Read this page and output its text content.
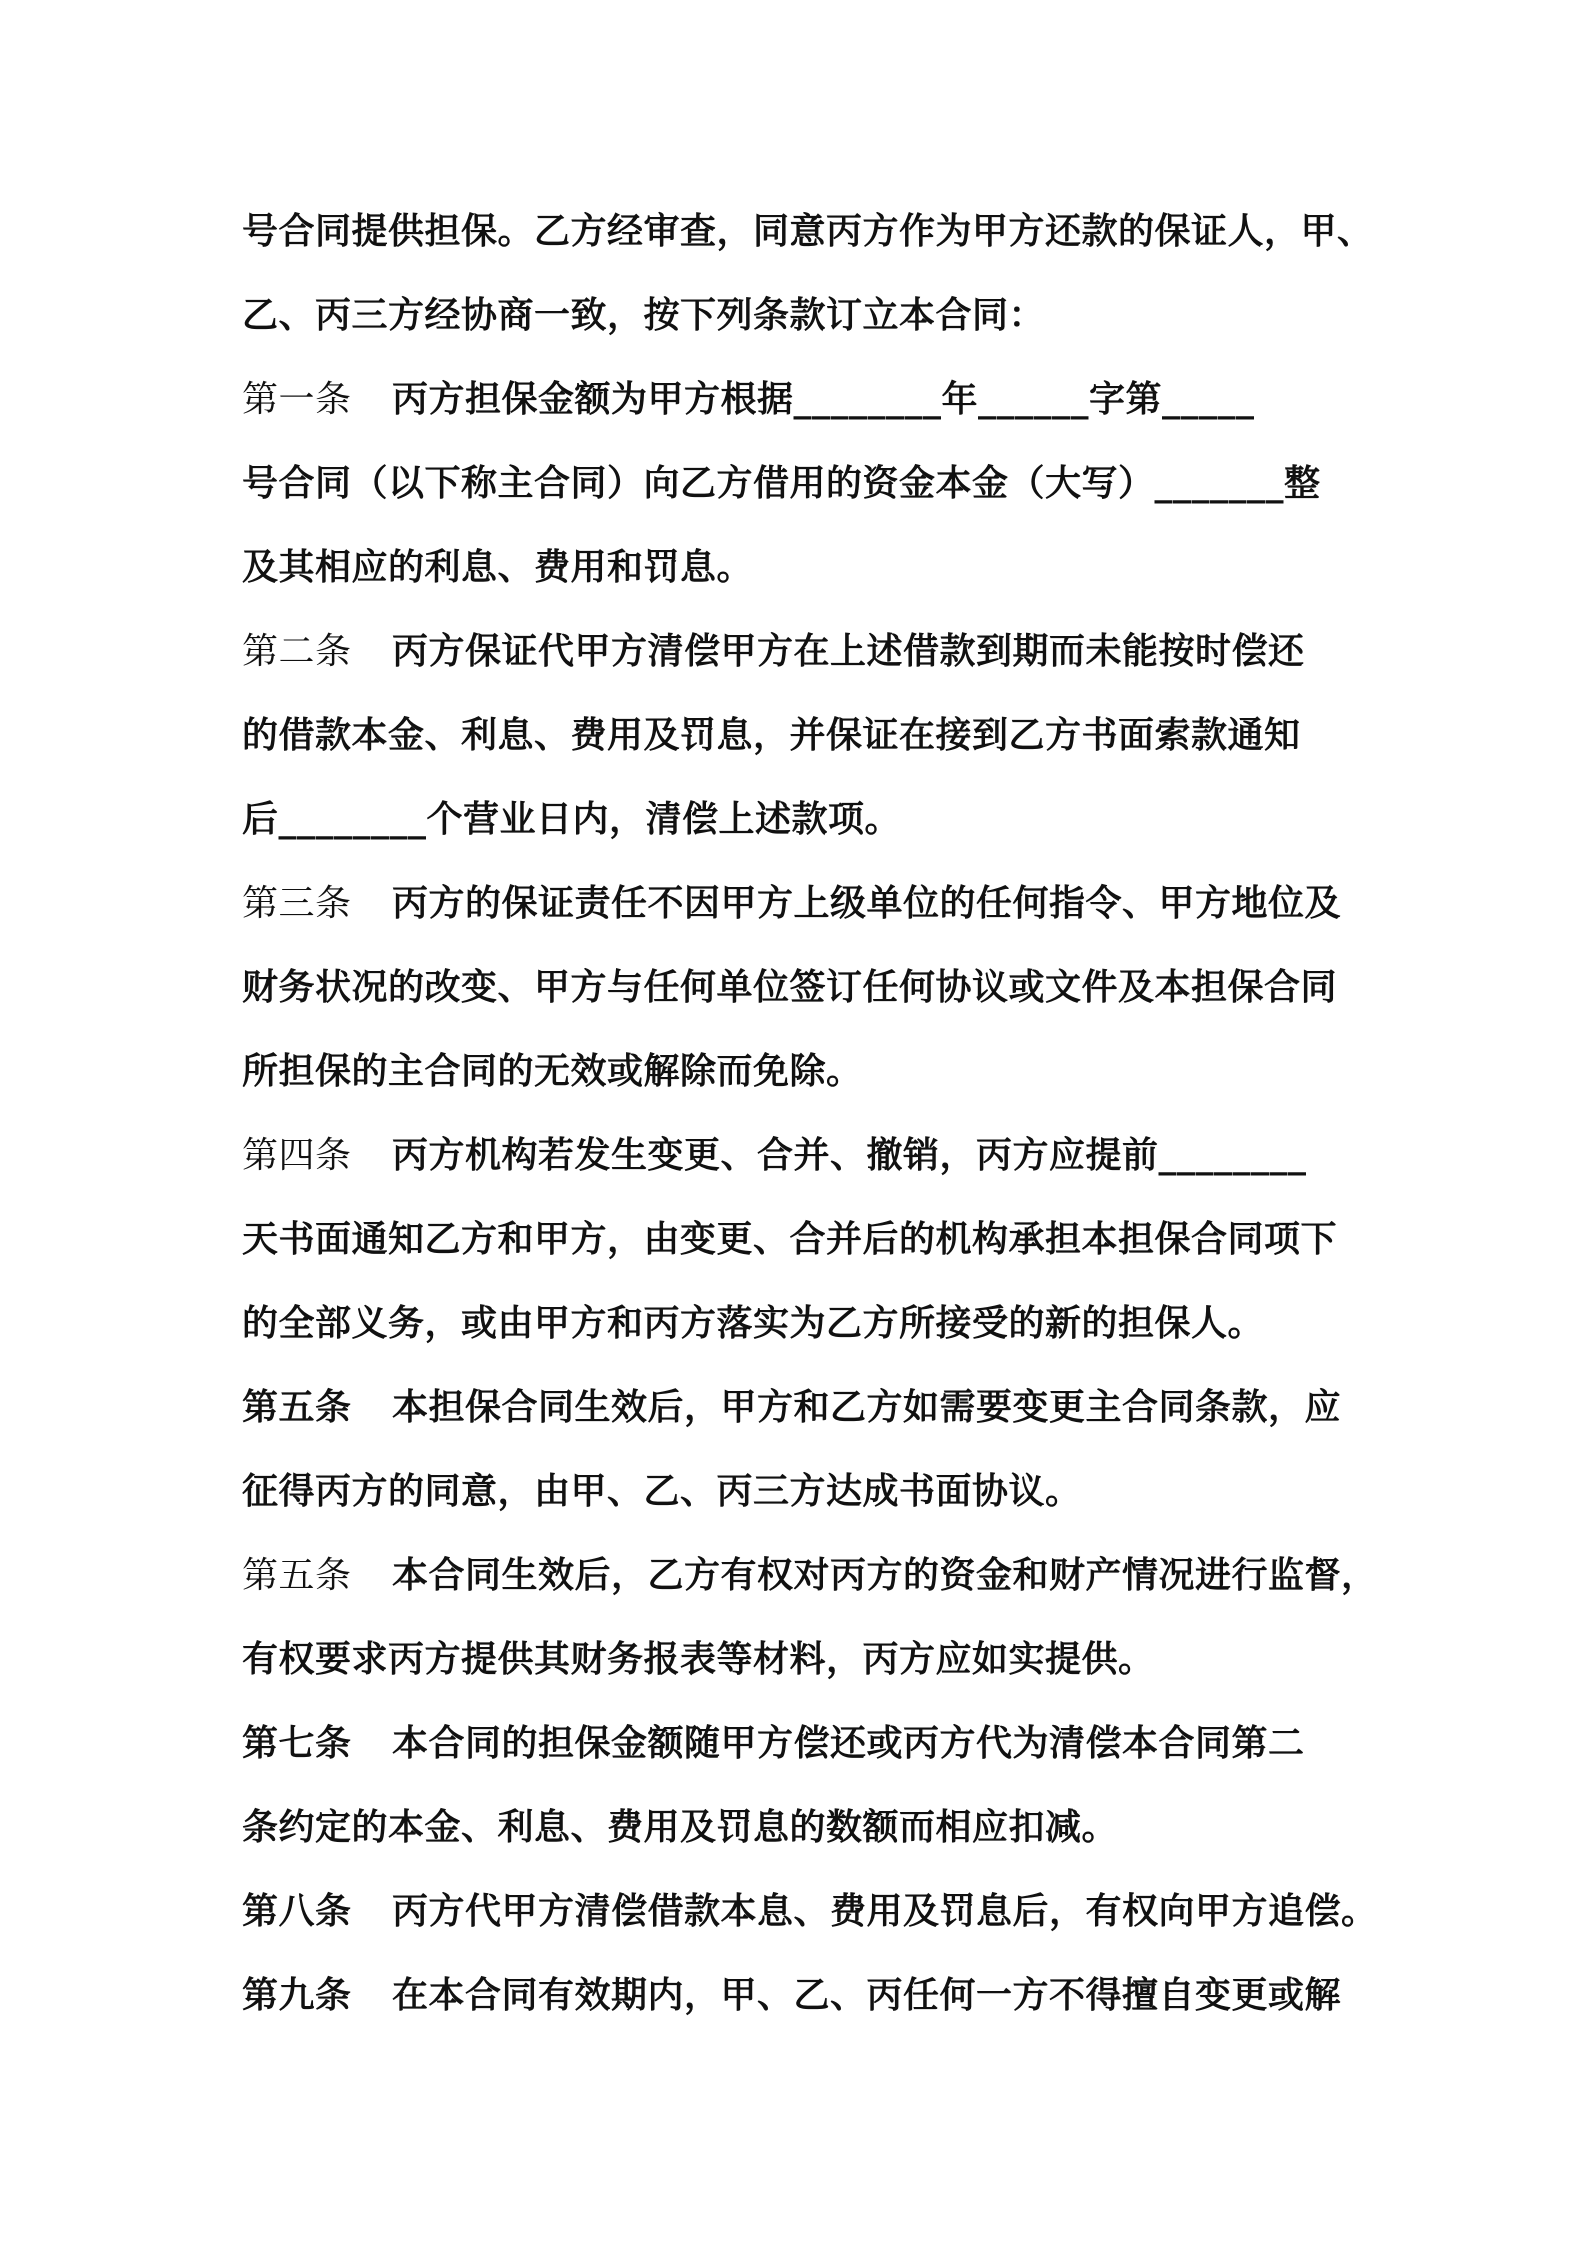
号合同提供担保。乙方经审查，同意丙方作为甲方还款的保证人，甲、
乙、丙三方经协商一致，按下列条款订立本合同：
第一条 丙方担保金额为甲方根据________年______字第_____
号合同（以下称主合同）向乙方借用的资金本金（大写）_______整
及其相应的利息、费用和罚息。
第二条 丙方保证代甲方清偿甲方在上述借款到期而未能按时偿还
的借款本金、利息、费用及罚息，并保证在接到乙方书面索款通知
后________个营业日内，清偿上述款项。
第三条 丙方的保证责任不因甲方上级单位的任何指令、甲方地位及
财务状况的改变、甲方与任何单位签订任何协议或文件及本担保合同
所担保的主合同的无效或解除而免除。
第四条 丙方机构若发生变更、合并、撤销，丙方应提前________
天书面通知乙方和甲方，由变更、合并后的机构承担本担保合同项下
的全部义务，或由甲方和丙方落实为乙方所接受的新的担保人。
第五条 本担保合同生效后，甲方和乙方如需要变更主合同条款，应
征得丙方的同意，由甲、乙、丙三方达成书面协议。
第五条 本合同生效后，乙方有权对丙方的资金和财产情况进行监督，
有权要求丙方提供其财务报表等材料，丙方应如实提供。
第七条 本合同的担保金额随甲方偿还或丙方代为清偿本合同第二
条约定的本金、利息、费用及罚息的数额而相应扣减。
第八条 丙方代甲方清偿借款本息、费用及罚息后，有权向甲方追偿。
第九条 在本合同有效期内，甲、乙、丙任何一方不得擅自变更或解
